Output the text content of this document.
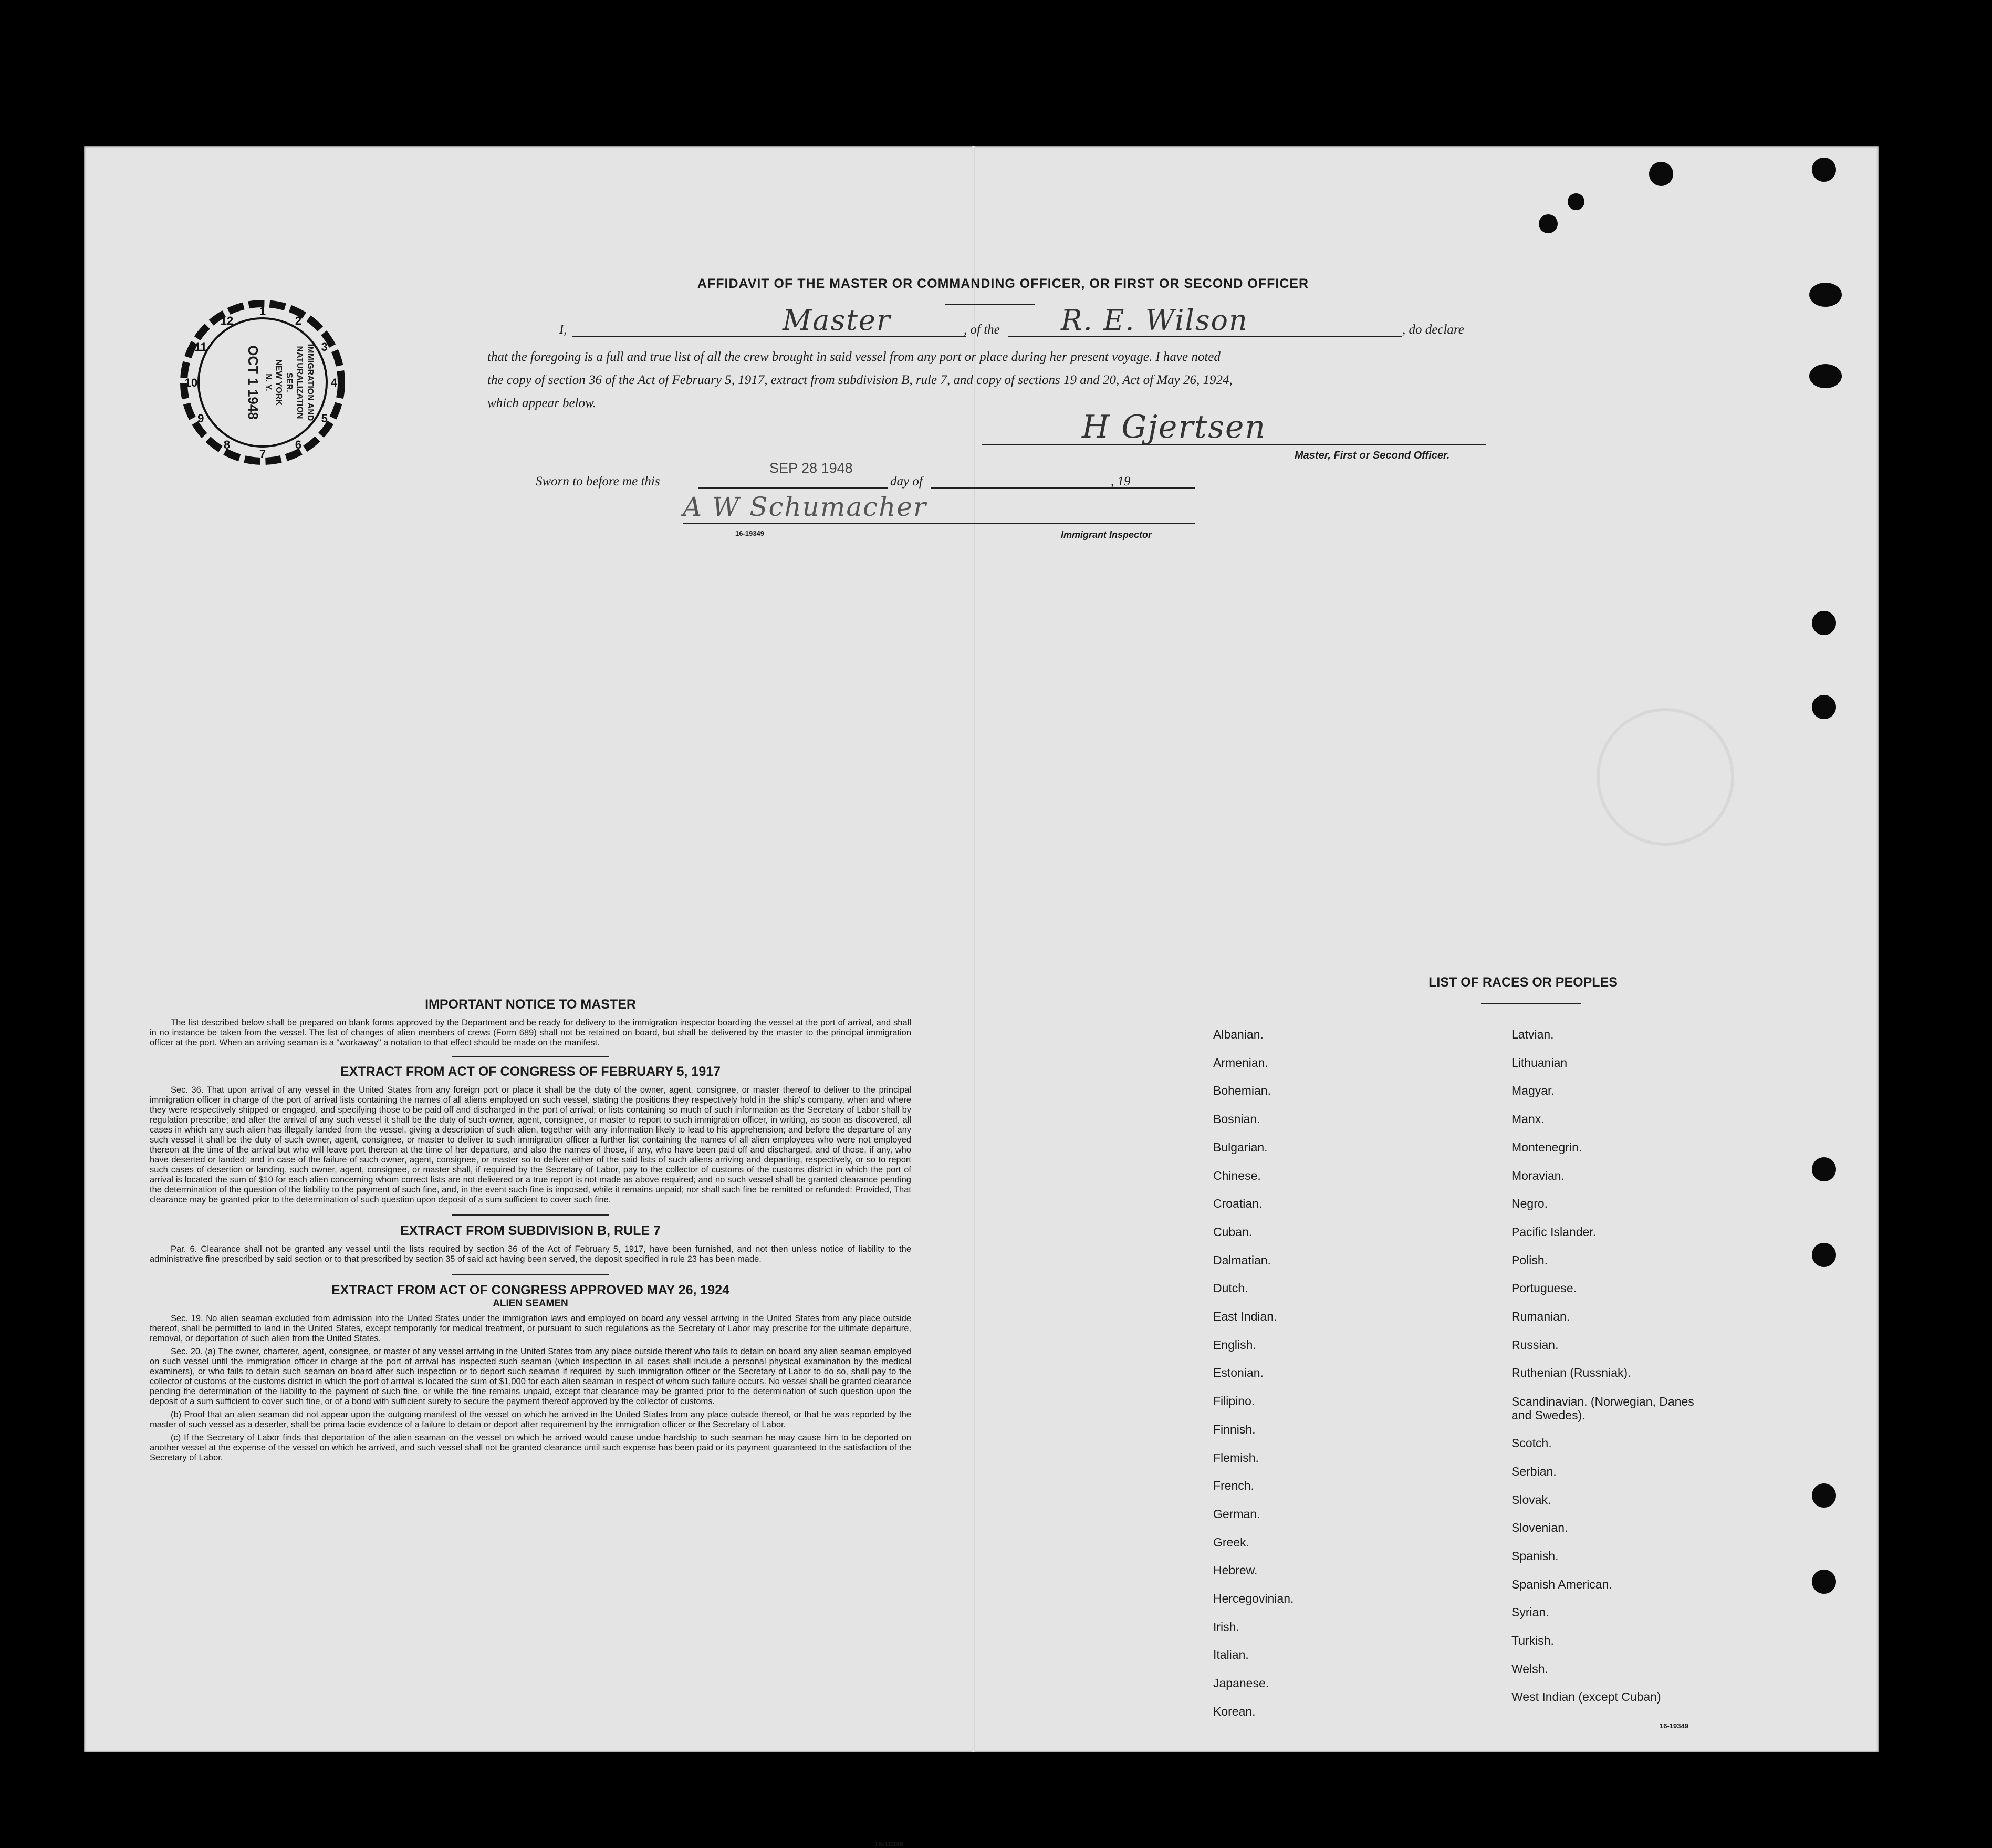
AFFIDAVIT OF THE MASTER OR COMMANDING OFFICER, OR FIRST OR SECOND OFFICER
I,	Master	, of the R. E. Wilson	, do declare
that the foregoing is a full and true list of all the crew brought in said vessel from any port or place during her present voyage. I have noted
the copy of section 36 of the Act of February 5, 1917, extract from subdivision B, rule 7, and copy of sections 19 and 20, Act of May 26, 1924,
which appear below.
H Gjertsen
Master, First or Second Officer.
Sworn to before me this
SEP 28 1948
day of	, 19
A W Schumacher
16-19349	Immigrant Inspector
1
2
3
4
5
6
7
8
9
10
11
12
IMMIGRATION AND
NATURALIZATION
SER.
NEW YORK
N. Y.
OCT 1 1948
IMPORTANT NOTICE TO MASTER

The list described below shall be prepared on blank forms approved by the Department and be ready for delivery to the immigration inspector boarding the vessel at the port of arrival, and shall in no instance be taken from the vessel. The list of changes of alien members of crews (Form 689) shall not be retained on board, but shall be delivered by the master to the principal immigration officer at the port. When an arriving seaman is a "workaway" a notation to that effect should be made on the manifest.

EXTRACT FROM ACT OF CONGRESS OF FEBRUARY 5, 1917

Sec. 36. That upon arrival of any vessel in the United States from any foreign port or place it shall be the duty of the owner, agent, consignee, or master thereof to deliver to the principal immigration officer in charge of the port of arrival lists containing the names of all aliens employed on such vessel, stating the positions they respectively hold in the ship's company, when and where they were respectively shipped or engaged, and specifying those to be paid off and discharged in the port of arrival; or lists containing so much of such information as the Secretary of Labor shall by regulation prescribe; and after the arrival of any such vessel it shall be the duty of such owner, agent, consignee, or master to report to such immigration officer, in writing, as soon as discovered, all cases in which any such alien has illegally landed from the vessel, giving a description of such alien, together with any information likely to lead to his apprehension; and before the departure of any such vessel it shall be the duty of such owner, agent, consignee, or master to deliver to such immigration officer a further list containing the names of all alien employees who were not employed thereon at the time of the arrival but who will leave port thereon at the time of her departure, and also the names of those, if any, who have been paid off and discharged, and of those, if any, who have deserted or landed; and in case of the failure of such owner, agent, consignee, or master so to deliver either of the said lists of such aliens arriving and departing, respectively, or so to report such cases of desertion or landing, such owner, agent, consignee, or master shall, if required by the Secretary of Labor, pay to the collector of customs of the customs district in which the port of arrival is located the sum of $10 for each alien concerning whom correct lists are not delivered or a true report is not made as above required; and no such vessel shall be granted clearance pending the determination of the question of the liability to the payment of such fine, and, in the event such fine is imposed, while it remains unpaid; nor shall such fine be remitted or refunded: Provided, That clearance may be granted prior to the determination of such question upon deposit of a sum sufficient to cover such fine.

EXTRACT FROM SUBDIVISION B, RULE 7

Par. 6. Clearance shall not be granted any vessel until the lists required by section 36 of the Act of February 5, 1917, have been furnished, and not then unless notice of liability to the administrative fine prescribed by said section or to that prescribed by section 35 of said act having been served, the deposit specified in rule 23 has been made.

EXTRACT FROM ACT OF CONGRESS APPROVED MAY 26, 1924
ALIEN SEAMEN

Sec. 19. No alien seaman excluded from admission into the United States under the immigration laws and employed on board any vessel arriving in the United States from any place outside thereof, shall be permitted to land in the United States, except temporarily for medical treatment, or pursuant to such regulations as the Secretary of Labor may prescribe for the ultimate departure, removal, or deportation of such alien from the United States.

Sec. 20. (a) The owner, charterer, agent, consignee, or master of any vessel arriving in the United States from any place outside thereof who fails to detain on board any alien seaman employed on such vessel until the immigration officer in charge at the port of arrival has inspected such seaman (which inspection in all cases shall include a personal physical examination by the medical examiners), or who fails to detain such seaman on board after such inspection or to deport such seaman if required by such immigration officer or the Secretary of Labor to do so, shall pay to the collector of customs of the customs district in which the port of arrival is located the sum of $1,000 for each alien seaman in respect of whom such failure occurs. No vessel shall be granted clearance pending the determination of the liability to the payment of such fine, or while the fine remains unpaid, except that clearance may be granted prior to the determination of such question upon the deposit of a sum sufficient to cover such fine, or of a bond with sufficient surety to secure the payment thereof approved by the collector of customs.

(b) Proof that an alien seaman did not appear upon the outgoing manifest of the vessel on which he arrived in the United States from any place outside thereof, or that he was reported by the master of such vessel as a deserter, shall be prima facie evidence of a failure to detain or deport after requirement by the immigration officer or the Secretary of Labor.

(c) If the Secretary of Labor finds that deportation of the alien seaman on the vessel on which he arrived would cause undue hardship to such seaman he may cause him to be deported on another vessel at the expense of the vessel on which he arrived, and such vessel shall not be granted clearance until such expense has been paid or its payment guaranteed to the satisfaction of the Secretary of Labor.

16-19349
LIST OF RACES OR PEOPLES
Albanian.
Armenian.
Bohemian.
Bosnian.
Bulgarian.
Chinese.
Croatian.
Cuban.
Dalmatian.
Dutch.
East Indian.
English.
Estonian.
Filipino.
Finnish.
Flemish.
French.
German.
Greek.
Hebrew.
Hercegovinian.
Irish.
Italian.
Japanese.
Korean.
Latvian.
Lithuanian
Magyar.
Manx.
Montenegrin.
Moravian.
Negro.
Pacific Islander.
Polish.
Portuguese.
Rumanian.
Russian.
Ruthenian (Russniak).
Scandinavian. (Norwegian, Danes and Swedes).
Scotch.
Serbian.
Slovak.
Slovenian.
Spanish.
Spanish American.
Syrian.
Turkish.
Welsh.
West Indian (except Cuban)
16-19349
